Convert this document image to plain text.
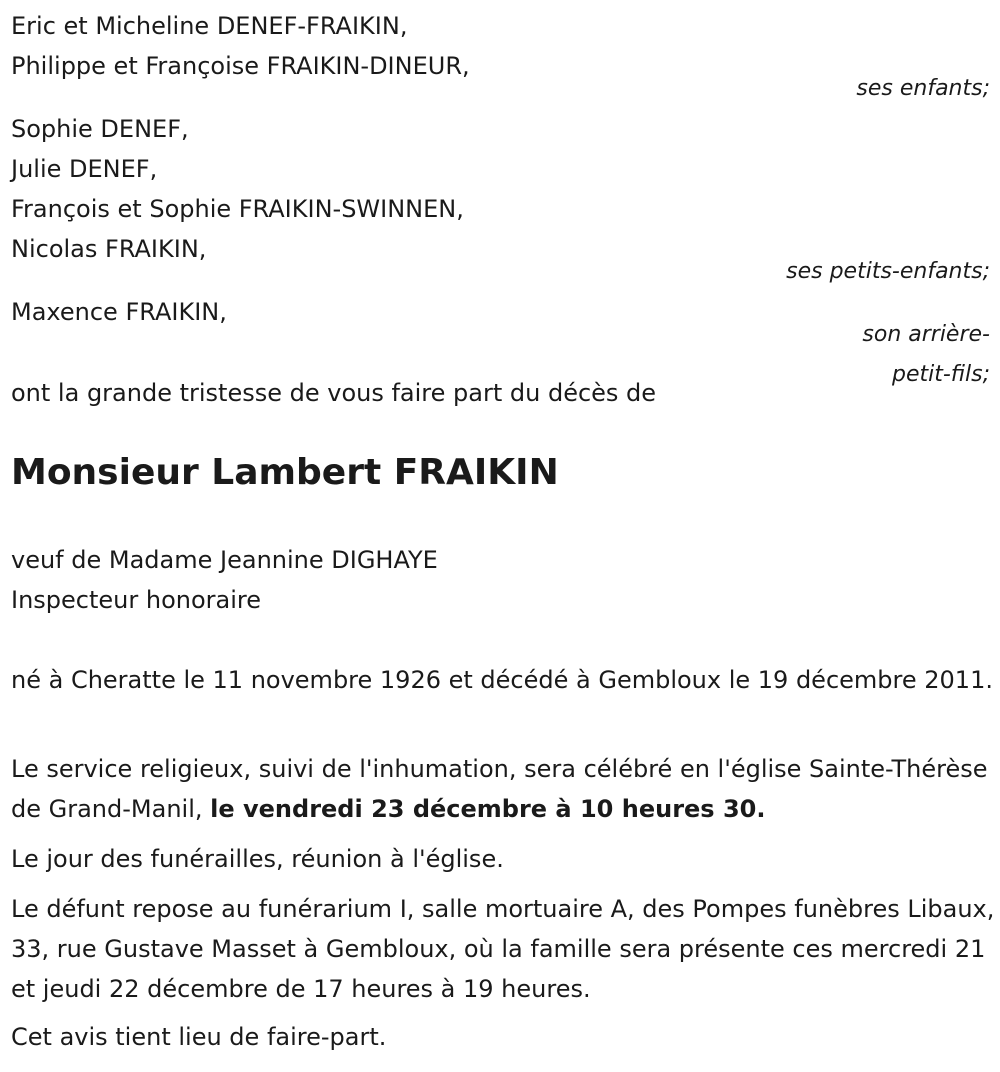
Eric et Micheline DENEF-FRAIKIN,
Philippe et Françoise FRAIKIN-DINEUR,
ses enfants;
Sophie DENEF,
Julie DENEF,
François et Sophie FRAIKIN-SWINNEN,
Nicolas FRAIKIN,
ses petits-enfants;
Maxence FRAIKIN,
son arrière-
petit-fils;
ont la grande tristesse de vous faire part du décès de
Monsieur Lambert FRAIKIN
veuf de Madame Jeannine DIGHAYE
Inspecteur honoraire
né à Cheratte le 11 novembre 1926 et décédé à Gembloux le 19 décembre 2011.
Le service religieux, suivi de l'inhumation, sera célébré en l'église Sainte-Thérèse de Grand-Manil, le vendredi 23 décembre à 10 heures 30.
Le jour des funérailles, réunion à l'église.
Le défunt repose au funérarium I, salle mortuaire A, des Pompes funèbres Libaux, 33, rue Gustave Masset à Gembloux, où la famille sera présente ces mercredi 21 et jeudi 22 décembre de 17 heures à 19 heures.
Cet avis tient lieu de faire-part.
